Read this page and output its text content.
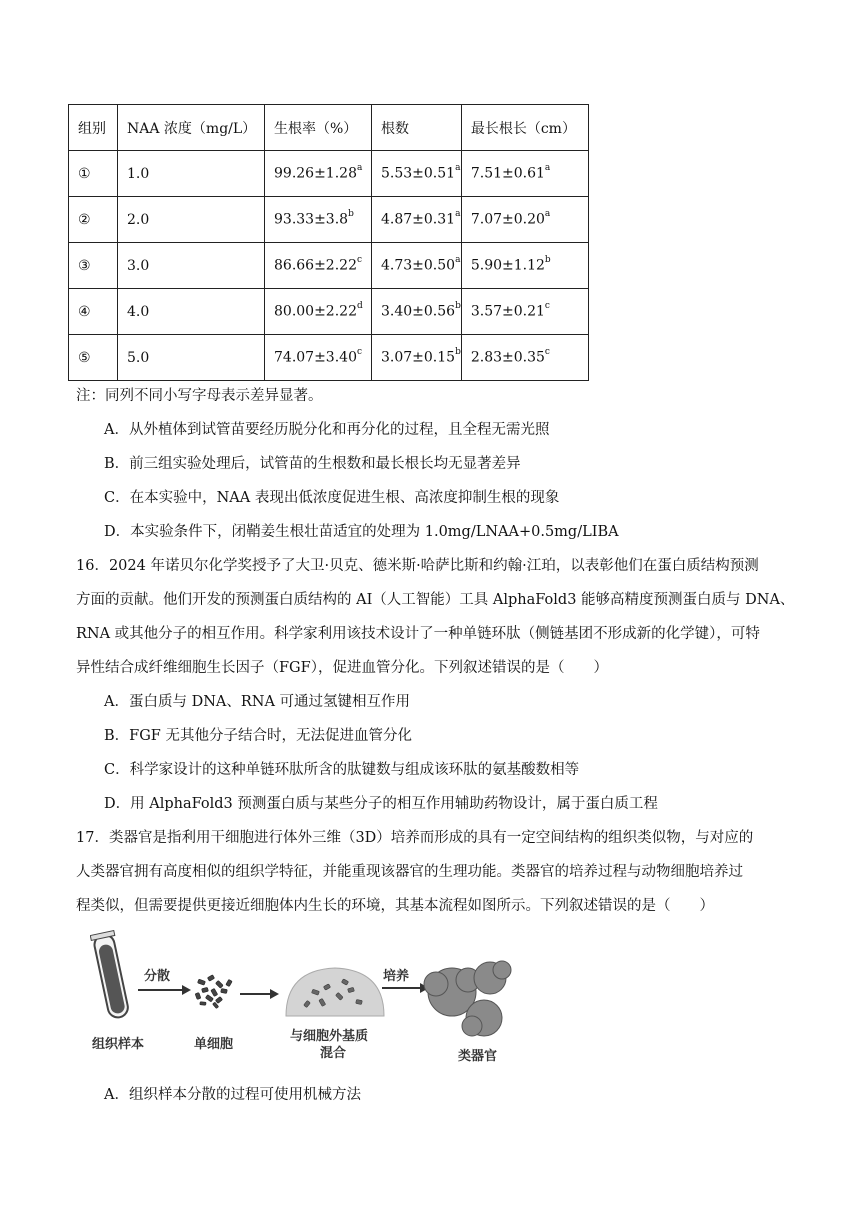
组别	NAA 浓度（mg/L）	生根率（%）	根数	最长根长（cm）
①	1.0	99.26±1.28$^a$	5.53±0.51$^a$	7.51±0.61$^a$
②	2.0	93.33±3.8$^b$	4.87±0.31$^a$	7.07±0.20$^a$
③	3.0	86.66±2.22$^c$	4.73±0.50$^a$	5.90±1.12$^b$
④	4.0	80.00±2.22$^d$	3.40±0.56$^b$	3.57±0.21$^c$
⑤	5.0	74.07±3.40$^c$	3.07±0.15$^b$	2.83±0.35$^c$
注：同列不同小写字母表示差异显著。
A．从外植体到试管苗要经历脱分化和再分化的过程，且全程无需光照
B．前三组实验处理后，试管苗的生根数和最长根长均无显著差异
C．在本实验中，NAA 表现出低浓度促进生根、高浓度抑制生根的现象
D．本实验条件下，闭鞘姜生根壮苗适宜的处理为 1.0mg/LNAA+0.5mg/LIBA
16．2024 年诺贝尔化学奖授予了大卫·贝克、德米斯·哈萨比斯和约翰·江珀，以表彰他们在蛋白质结构预测
方面的贡献。他们开发的预测蛋白质结构的 AI（人工智能）工具 AlphaFold3 能够高精度预测蛋白质与 DNA、
RNA 或其他分子的相互作用。科学家利用该技术设计了一种单链环肽（侧链基团不形成新的化学键），可特
异性结合成纤维细胞生长因子（FGF），促进血管分化。下列叙述错误的是（　　）
A．蛋白质与 DNA、RNA 可通过氢键相互作用
B．FGF 无其他分子结合时，无法促进血管分化
C．科学家设计的这种单链环肽所含的肽键数与组成该环肽的氨基酸数相等
D．用 AlphaFold3 预测蛋白质与某些分子的相互作用辅助药物设计，属于蛋白质工程
17．类器官是指利用干细胞进行体外三维（3D）培养而形成的具有一定空间结构的组织类似物，与对应的
人类器官拥有高度相似的组织学特征，并能重现该器官的生理功能。类器官的培养过程与动物细胞培养过
程类似，但需要提供更接近细胞体内生长的环境，其基本流程如图所示。下列叙述错误的是（　　）
组织样本
分散
单细胞
与细胞外基质
混合
培养
类器官
A．组织样本分散的过程可使用机械方法
